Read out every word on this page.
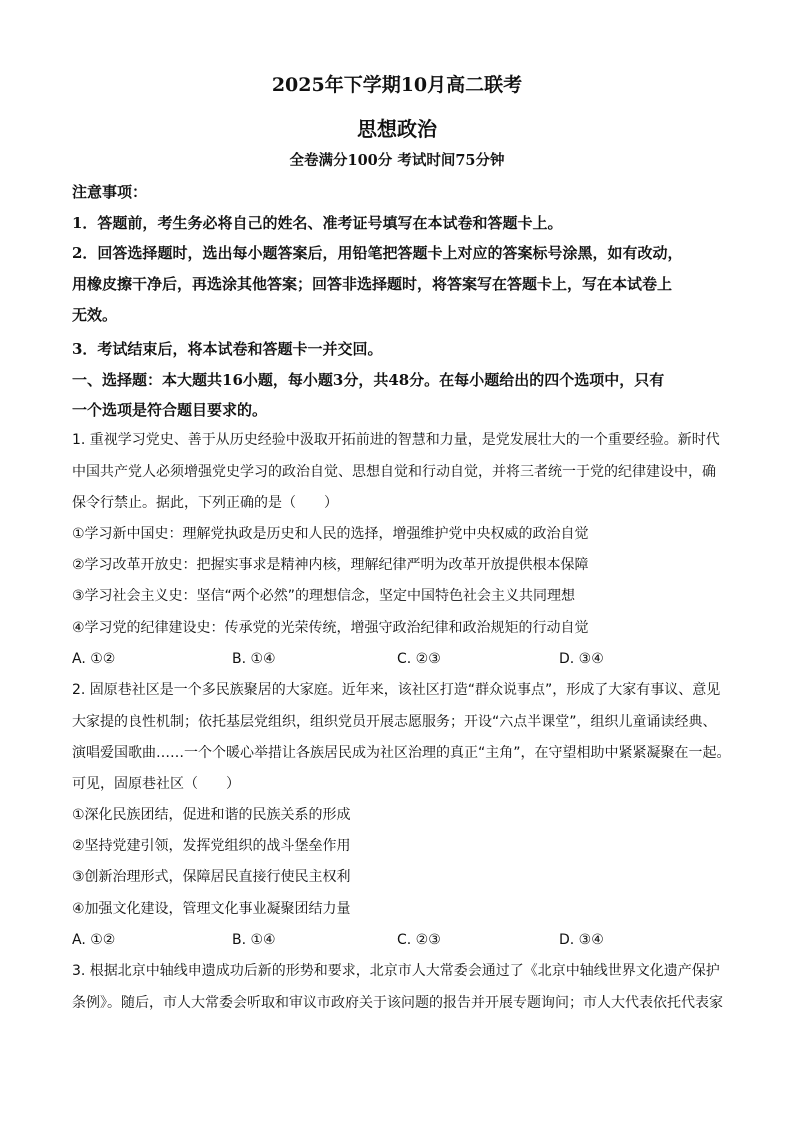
2025年下学期10月高二联考
思想政治
全卷满分100分 考试时间75分钟
注意事项：
1．答题前，考生务必将自己的姓名、准考证号填写在本试卷和答题卡上。
2．回答选择题时，选出每小题答案后，用铅笔把答题卡上对应的答案标号涂黑，如有改动，
用橡皮擦干净后，再选涂其他答案；回答非选择题时，将答案写在答题卡上，写在本试卷上
无效。
3．考试结束后，将本试卷和答题卡一并交回。
一、选择题：本大题共16小题，每小题3分，共48分。在每小题给出的四个选项中，只有
一个选项是符合题目要求的。
1. 重视学习党史、善于从历史经验中汲取开拓前进的智慧和力量，是党发展壮大的一个重要经验。新时代
中国共产党人必须增强党史学习的政治自觉、思想自觉和行动自觉，并将三者统一于党的纪律建设中，确
保令行禁止。据此，下列正确的是（　　）
①学习新中国史：理解党执政是历史和人民的选择，增强维护党中央权威的政治自觉
②学习改革开放史：把握实事求是精神内核，理解纪律严明为改革开放提供根本保障
③学习社会主义史：坚信“两个必然”的理想信念，坚定中国特色社会主义共同理想
④学习党的纪律建设史：传承党的光荣传统，增强守政治纪律和政治规矩的行动自觉
A. ①②	B. ①④	C. ②③	D. ③④
2. 固原巷社区是一个多民族聚居的大家庭。近年来，该社区打造“群众说事点”，形成了大家有事议、意见
大家提的良性机制；依托基层党组织，组织党员开展志愿服务；开设“六点半课堂”，组织儿童诵读经典、
演唱爱国歌曲……一个个暖心举措让各族居民成为社区治理的真正“主角”，在守望相助中紧紧凝聚在一起。
可见，固原巷社区（　　）
①深化民族团结，促进和谐的民族关系的形成
②坚持党建引领，发挥党组织的战斗堡垒作用
③创新治理形式，保障居民直接行使民主权利
④加强文化建设，管理文化事业凝聚团结力量
A. ①②	B. ①④	C. ②③	D. ③④
3. 根据北京中轴线申遗成功后新的形势和要求，北京市人大常委会通过了《北京中轴线世界文化遗产保护
条例》。随后，市人大常委会听取和审议市政府关于该问题的报告并开展专题询问；市人大代表依托代表家
